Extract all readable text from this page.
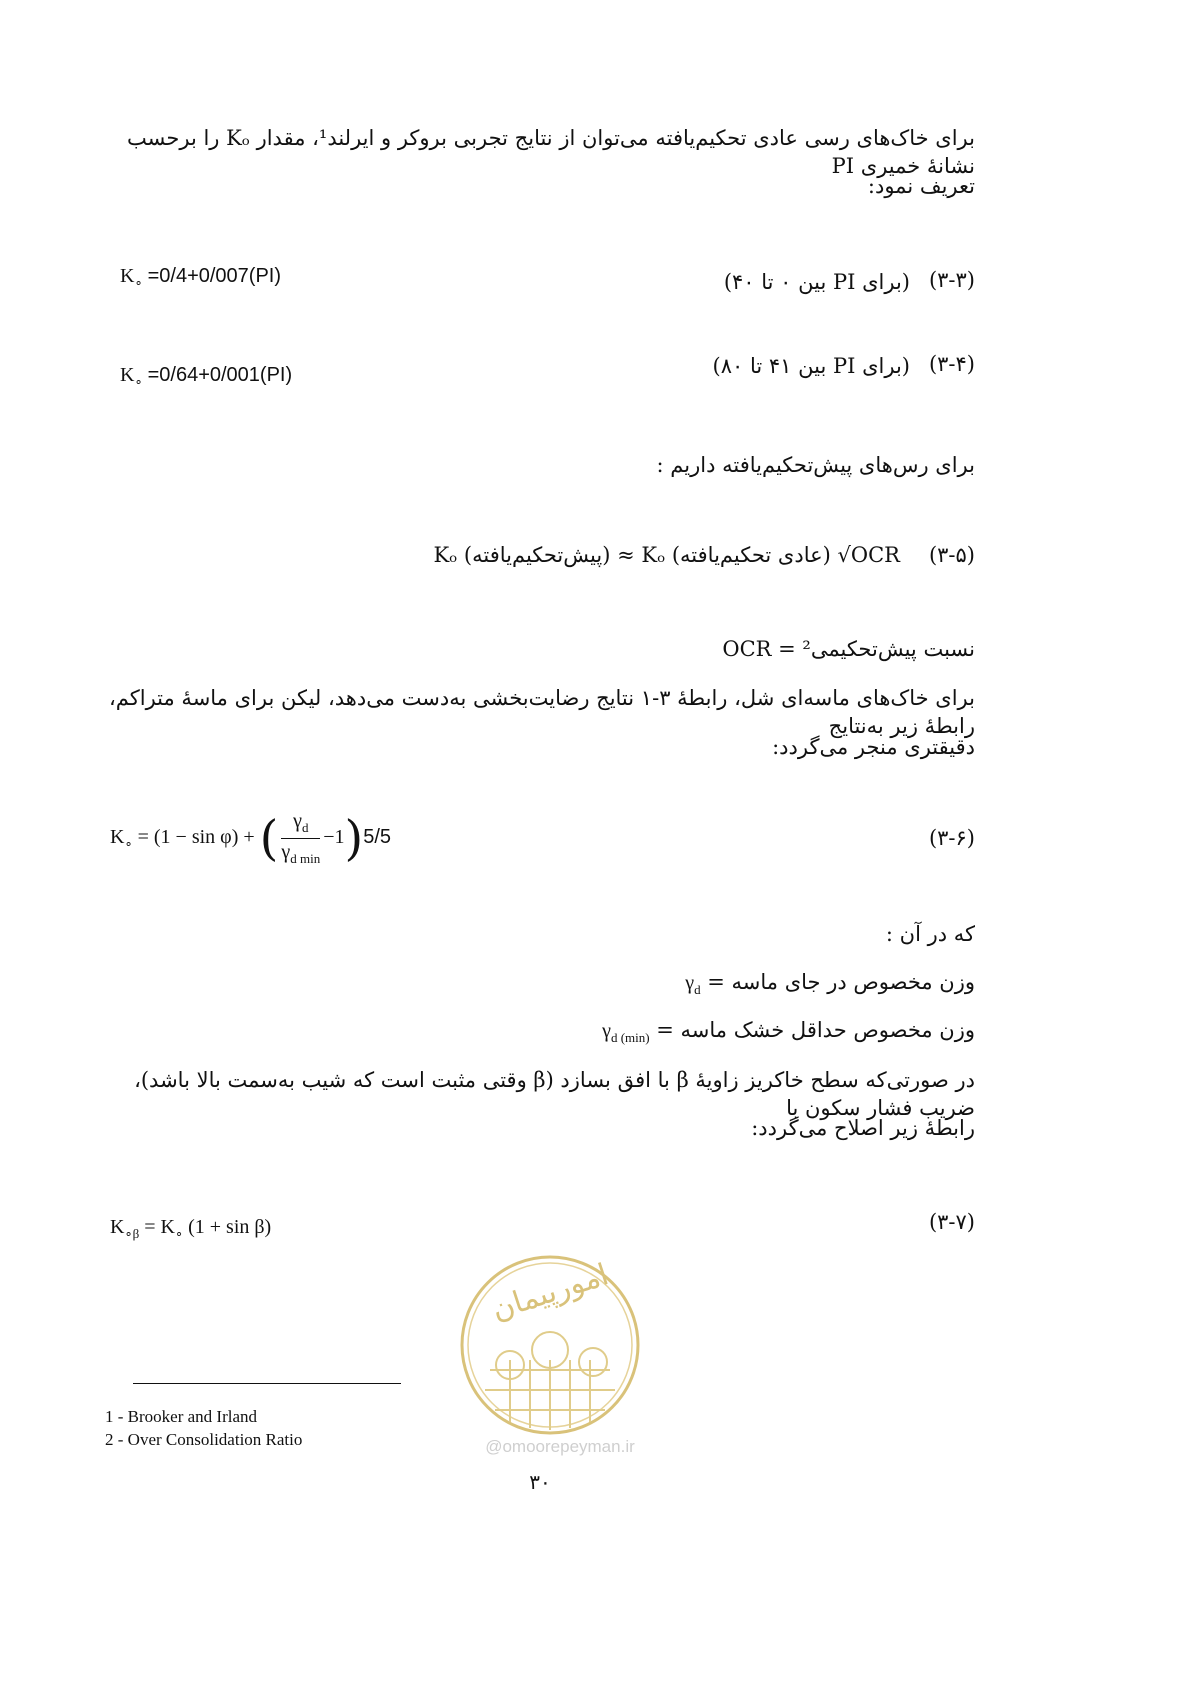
برای خاک‌های رسی عادی تحکیم‌یافته می‌توان از نتایج تجربی بروکر و ایرلند¹، مقدار Kₒ را برحسب نشانهٔ خمیری PI
تعریف نمود:
(۳-۳)
(برای PI بین ۰ تا ۴۰)
$K_\circ =0/4+0/007(PI)$
(۳-۴)
(برای PI بین ۴۱ تا ۸۰)
$K_\circ =0/64+0/001(PI)$
برای رس‌های پیش‌تحکیم‌یافته داریم :
(۳-۵)
Kₒ (پیش‌تحکیم‌یافته) ≈ Kₒ (عادی تحکیم‌یافته) √OCR
OCR = نسبت پیش‌تحکیمی²
برای خاک‌های ماسه‌ای شل، رابطهٔ ۳-۱ نتایج رضایت‌بخشی به‌دست می‌دهد، لیکن برای ماسهٔ متراکم، رابطهٔ زیر به‌نتایج
دقیقتری منجر می‌گردد:
(۳-۶)
$K_\circ = (1 - \sin \varphi)$ + ( $\frac{\gamma_d}{\gamma_{d min}} -1)5/5$
که در آن :
$\gamma_d$ = وزن مخصوص در جای ماسه
$\gamma_{d (min)}$ = وزن مخصوص حداقل خشک ماسه
در صورتی‌که سطح خاکریز زاویهٔ β با افق بسازد (β وقتی مثبت است که شیب به‌سمت بالا باشد)، ضریب فشار سکون با
رابطهٔ زیر اصلاح می‌گردد:
(۳-۷)
$K_{\circ\beta} = K_\circ$ (1 + sin β)
امورپیمان
@omoorepeyman.ir
1 - Brooker and Irland
2 - Over Consolidation Ratio
۳۰
